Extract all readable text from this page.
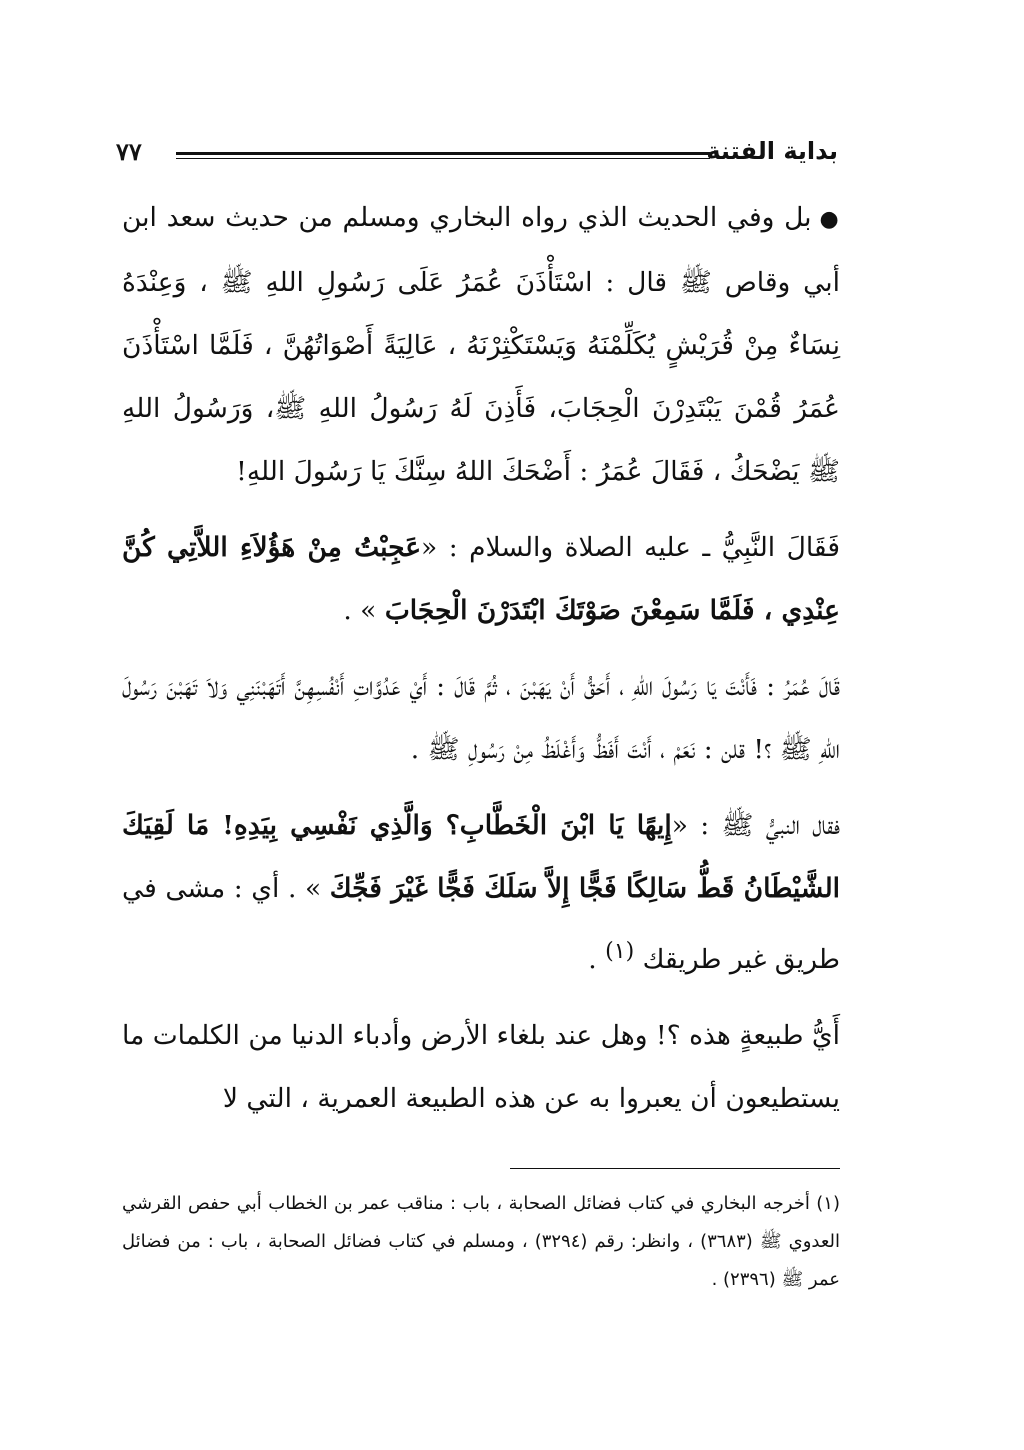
بداية الفتنة
٧٧

●بل وفي الحديث الذي رواه البخاري ومسلم من حديث سعد ابن أبي وقاص ﷺ قال : اسْتَأْذَنَ عُمَرُ عَلَى رَسُولِ اللهِ ﷺ ، وَعِنْدَهُ نِسَاءٌ مِنْ قُرَيْشٍ يُكَلِّمْنَهُ وَيَسْتَكْثِرْنَهُ ، عَالِيَةً أَصْوَاتُهُنَّ ، فَلَمَّا اسْتَأْذَنَ عُمَرُ قُمْنَ يَبْتَدِرْنَ الْحِجَابَ، فَأَذِنَ لَهُ رَسُولُ اللهِ ﷺ، وَرَسُولُ اللهِ ﷺ يَضْحَكُ ، فَقَالَ عُمَرُ : أَضْحَكَ اللهُ سِنَّكَ يَا رَسُولَ اللهِ!

فَقَالَ النَّبِيُّ ـ عليه الصلاة والسلام : «عَجِبْتُ مِنْ هَؤُلاَءِ اللاَّتِي كُنَّ عِنْدِي ، فَلَمَّا سَمِعْنَ صَوْتَكَ ابْتَدَرْنَ الْحِجَابَ » .

قَالَ عُمَرُ : فَأَنْتَ يَا رَسُولَ اللهِ ، أَحَقُّ أَنْ يَهَبْنَ ، ثُمَّ قَالَ : أَيْ عَدُوَّاتِ أَنْفُسِهِنَّ أَتَهَبْنَنِي وَلاَ تَهَبْنَ رَسُولَ اللهِ ﷺ ؟! قلن : نَعَمْ ، أَنْتَ أَفَظُّ وَأَغْلَظُ مِنْ رَسُولِ ﷺ .

فقال النبيُّ ﷺ : «إِيهًا يَا ابْنَ الْخَطَّابِ؟ وَالَّذِي نَفْسِي بِيَدِهِ! مَا لَقِيَكَ الشَّيْطَانُ قَطُّ سَالِكًا فَجًّا إِلاَّ سَلَكَ فَجًّا غَيْرَ فَجِّكَ » . أي : مشى في طريق غير طريقك $^{(١)}$ .

أَيُّ طبيعةٍ هذه ؟! وهل عند بلغاء الأرض وأدباء الدنيا من الكلمات ما يستطيعون أن يعبروا به عن هذه الطبيعة العمرية ، التي لا

(١) أخرجه البخاري في كتاب فضائل الصحابة ، باب : مناقب عمر بن الخطاب أبي حفص القرشي العدوي ﷺ (٣٦٨٣) ، وانظر: رقم (٣٢٩٤) ، ومسلم في كتاب فضائل الصحابة ، باب : من فضائل عمر ﷺ (٢٣٩٦) .
